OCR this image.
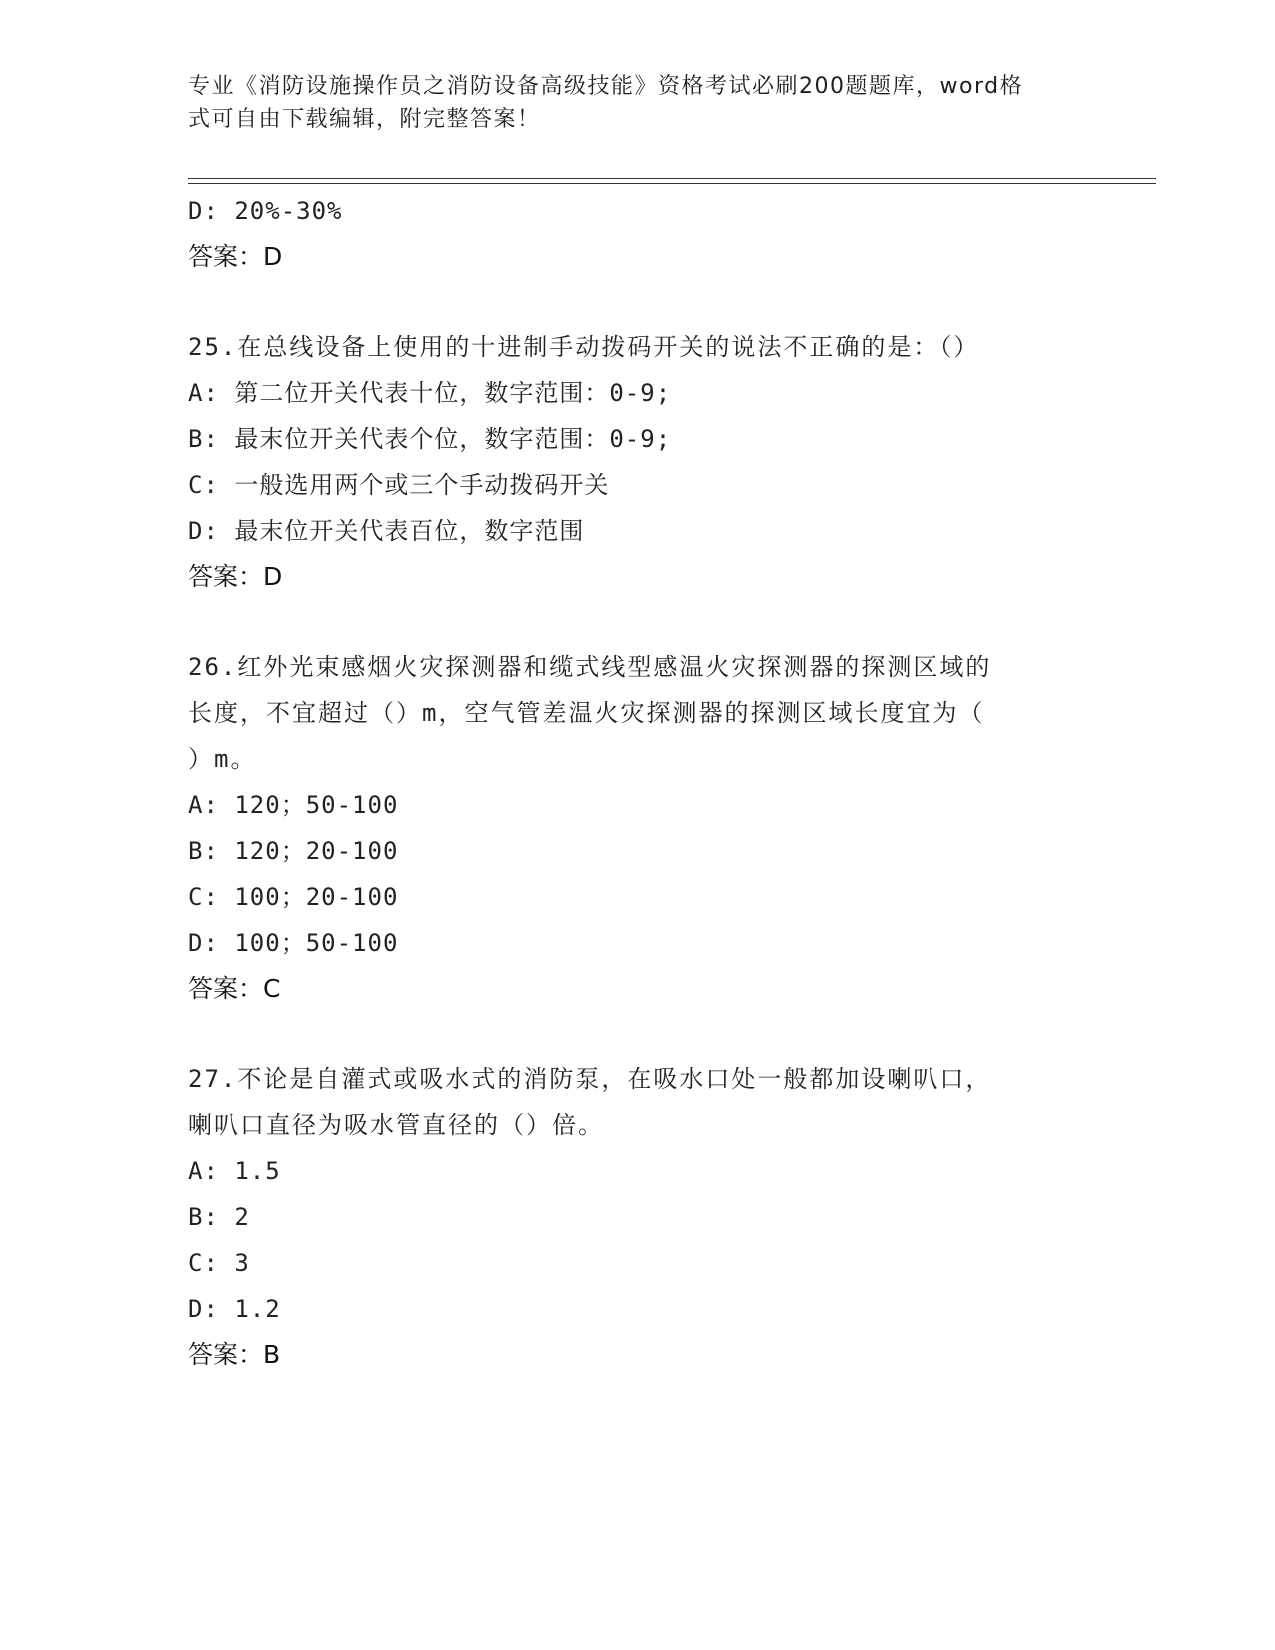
专业《消防设施操作员之消防设备高级技能》资格考试必刷200题题库，word格
式可自由下载编辑，附完整答案！
D: 20%-30%
答案：D
25.在总线设备上使用的十进制手动拨码开关的说法不正确的是：（）
A: 第二位开关代表十位，数字范围：0-9;
B: 最末位开关代表个位，数字范围：0-9;
C: 一般选用两个或三个手动拨码开关
D: 最末位开关代表百位，数字范围
答案：D
26.红外光束感烟火灾探测器和缆式线型感温火灾探测器的探测区域的
长度，不宜超过（）m，空气管差温火灾探测器的探测区域长度宜为（
）m。
A: 120；50-100
B: 120；20-100
C: 100；20-100
D: 100；50-100
答案：C
27.不论是自灌式或吸水式的消防泵，在吸水口处一般都加设喇叭口，
喇叭口直径为吸水管直径的（）倍。
A: 1.5
B: 2
C: 3
D: 1.2
答案：B
